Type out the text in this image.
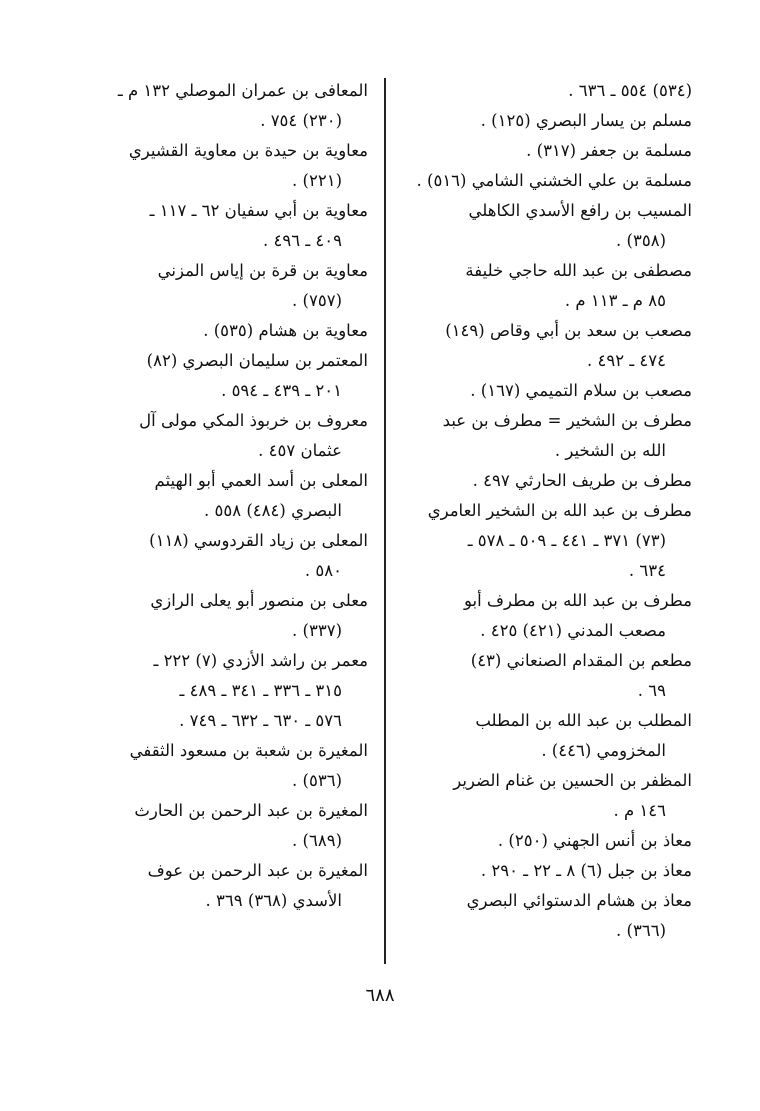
(٥٣٤) ٥٥٤ ـ ٦٣٦ .
مسلم بن يسار البصري (١٢٥) .
مسلمة بن جعفر (٣١٧) .
مسلمة بن علي الخشني الشامي (٥١٦) .
المسيب بن رافع الأسدي الكاهلي
(٣٥٨) .
مصطفى بن عبد الله حاجي خليفة
٨٥ م ـ ١١٣ م .
مصعب بن سعد بن أبي وقاص (١٤٩)
٤٧٤ ـ ٤٩٢ .
مصعب بن سلام التميمي (١٦٧) .
مطرف بن الشخير = مطرف بن عبد
الله بن الشخير .
مطرف بن طريف الحارثي ٤٩٧ .
مطرف بن عبد الله بن الشخير العامري
(٧٣) ٣٧١ ـ ٤٤١ ـ ٥٠٩ ـ ٥٧٨ ـ
٦٣٤ .
مطرف بن عبد الله بن مطرف أبو
مصعب المدني (٤٢١) ٤٢٥ .
مطعم بن المقدام الصنعاني (٤٣)
٦٩ .
المطلب بن عبد الله بن المطلب
المخزومي (٤٤٦) .
المظفر بن الحسين بن غنام الضرير
١٤٦ م .
معاذ بن أنس الجهني (٢٥٠) .
معاذ بن جبل (٦) ٨ ـ ٢٢ ـ ٢٩٠ .
معاذ بن هشام الدستوائي البصري
(٣٦٦) .
المعافى بن عمران الموصلي ١٣٢ م ـ
(٢٣٠) ٧٥٤ .
معاوية بن حيدة بن معاوية القشيري
(٢٢١) .
معاوية بن أبي سفيان ٦٢ ـ ١١٧ ـ
٤٠٩ ـ ٤٩٦ .
معاوية بن قرة بن إياس المزني
(٧٥٧) .
معاوية بن هشام (٥٣٥) .
المعتمر بن سليمان البصري (٨٢)
٢٠١ ـ ٤٣٩ ـ ٥٩٤ .
معروف بن خربوذ المكي مولى آل
عثمان ٤٥٧ .
المعلى بن أسد العمي أبو الهيثم
البصري (٤٨٤) ٥٥٨ .
المعلى بن زياد القردوسي (١١٨)
٥٨٠ .
معلى بن منصور أبو يعلى الرازي
(٣٣٧) .
معمر بن راشد الأزدي (٧) ٢٢٢ ـ
٣١٥ ـ ٣٣٦ ـ ٣٤١ ـ ٤٨٩ ـ
٥٧٦ ـ ٦٣٠ ـ ٦٣٢ ـ ٧٤٩ .
المغيرة بن شعبة بن مسعود الثقفي
(٥٣٦) .
المغيرة بن عبد الرحمن بن الحارث
(٦٨٩) .
المغيرة بن عبد الرحمن بن عوف
الأسدي (٣٦٨) ٣٦٩ .
٦٨٨
